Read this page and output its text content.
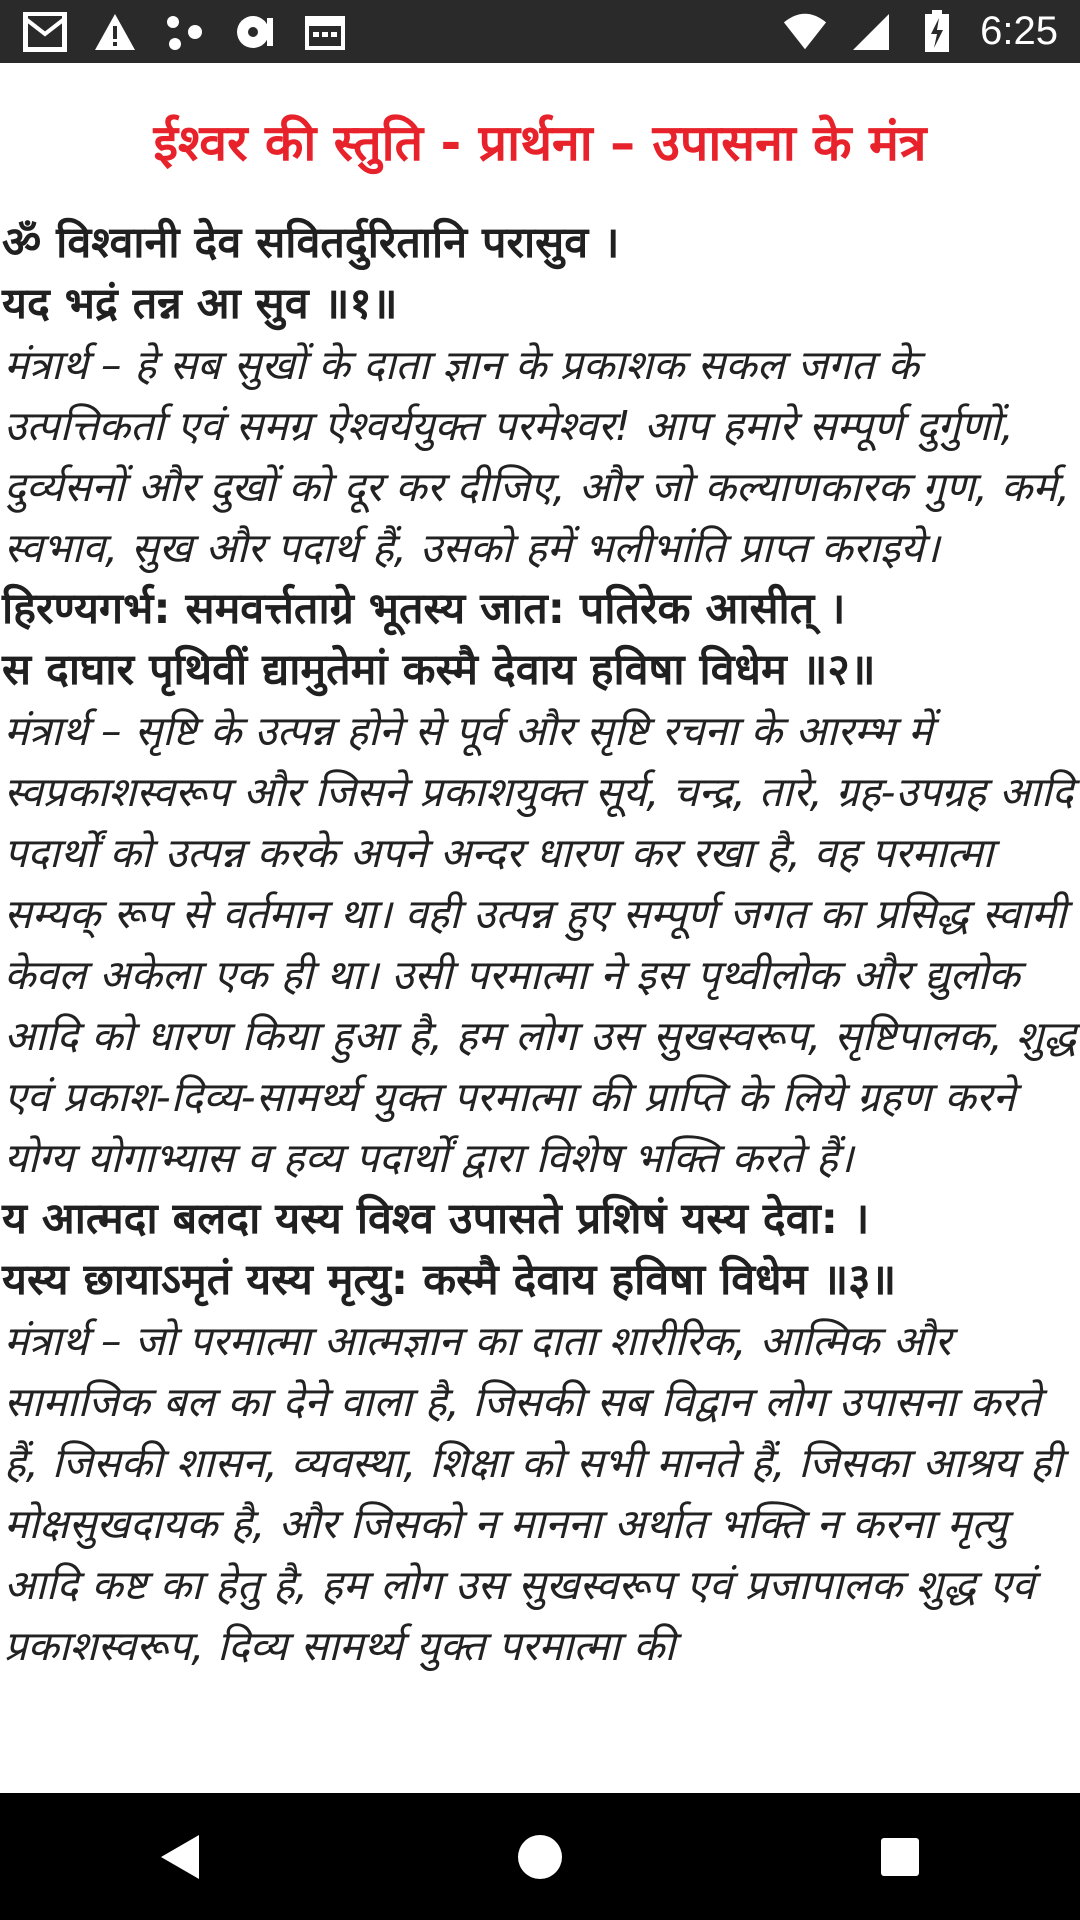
6:25
ईश्वर की स्तुति - प्रार्थना – उपासना के मंत्र

ॐ विश्वानी देव सवितर्दुरितानि परासुव ।

यद भद्रं तन्न आ सुव ॥१॥

मंत्रार्थ – हे सब सुखों के दाता ज्ञान के प्रकाशक सकल जगत के उत्पत्तिकर्ता एवं समग्र ऐश्वर्ययुक्त परमेश्वर! आप हमारे सम्पूर्ण दुर्गुणों, दुर्व्यसनों और दुखों को दूर कर दीजिए, और जो कल्याणकारक गुण, कर्म, स्वभाव, सुख और पदार्थ हैं, उसको हमें भलीभांति प्राप्त कराइये।

हिरण्यगर्भ: समवर्त्तताग्रे भूतस्य जात: पतिरेक आसीत् ।

स दाघार पृथिवीं द्यामुतेमां कस्मै देवाय हविषा विधेम ॥२॥

मंत्रार्थ – सृष्टि के उत्पन्न होने से पूर्व और सृष्टि रचना के आरम्भ में स्वप्रकाशस्वरूप और जिसने प्रकाशयुक्त सूर्य, चन्द्र, तारे, ग्रह-उपग्रह आदि पदार्थों को उत्पन्न करके अपने अन्दर धारण कर रखा है, वह परमात्मा सम्यक् रूप से वर्तमान था। वही उत्पन्न हुए सम्पूर्ण जगत का प्रसिद्ध स्वामी केवल अकेला एक ही था। उसी परमात्मा ने इस पृथ्वीलोक और द्युलोक आदि को धारण किया हुआ है, हम लोग उस सुखस्वरूप, सृष्टिपालक, शुद्ध एवं प्रकाश-दिव्य-सामर्थ्य युक्त परमात्मा की प्राप्ति के लिये ग्रहण करने योग्य योगाभ्यास व हव्य पदार्थों द्वारा विशेष भक्ति करते हैं।

य आत्मदा बलदा यस्य विश्व उपासते प्रशिषं यस्य देवा: ।

यस्य छायाऽमृतं यस्य मृत्यु: कस्मै देवाय हविषा विधेम ॥३॥

मंत्रार्थ – जो परमात्मा आत्मज्ञान का दाता शारीरिक, आत्मिक और सामाजिक बल का देने वाला है, जिसकी सब विद्वान लोग उपासना करते हैं, जिसकी शासन, व्यवस्था, शिक्षा को सभी मानते हैं, जिसका आश्रय ही मोक्षसुखदायक है, और जिसको न मानना अर्थात भक्ति न करना मृत्यु आदि कष्ट का हेतु है, हम लोग उस सुखस्वरूप एवं प्रजापालक शुद्ध एवं प्रकाशस्वरूप, दिव्य सामर्थ्य युक्त परमात्मा की
